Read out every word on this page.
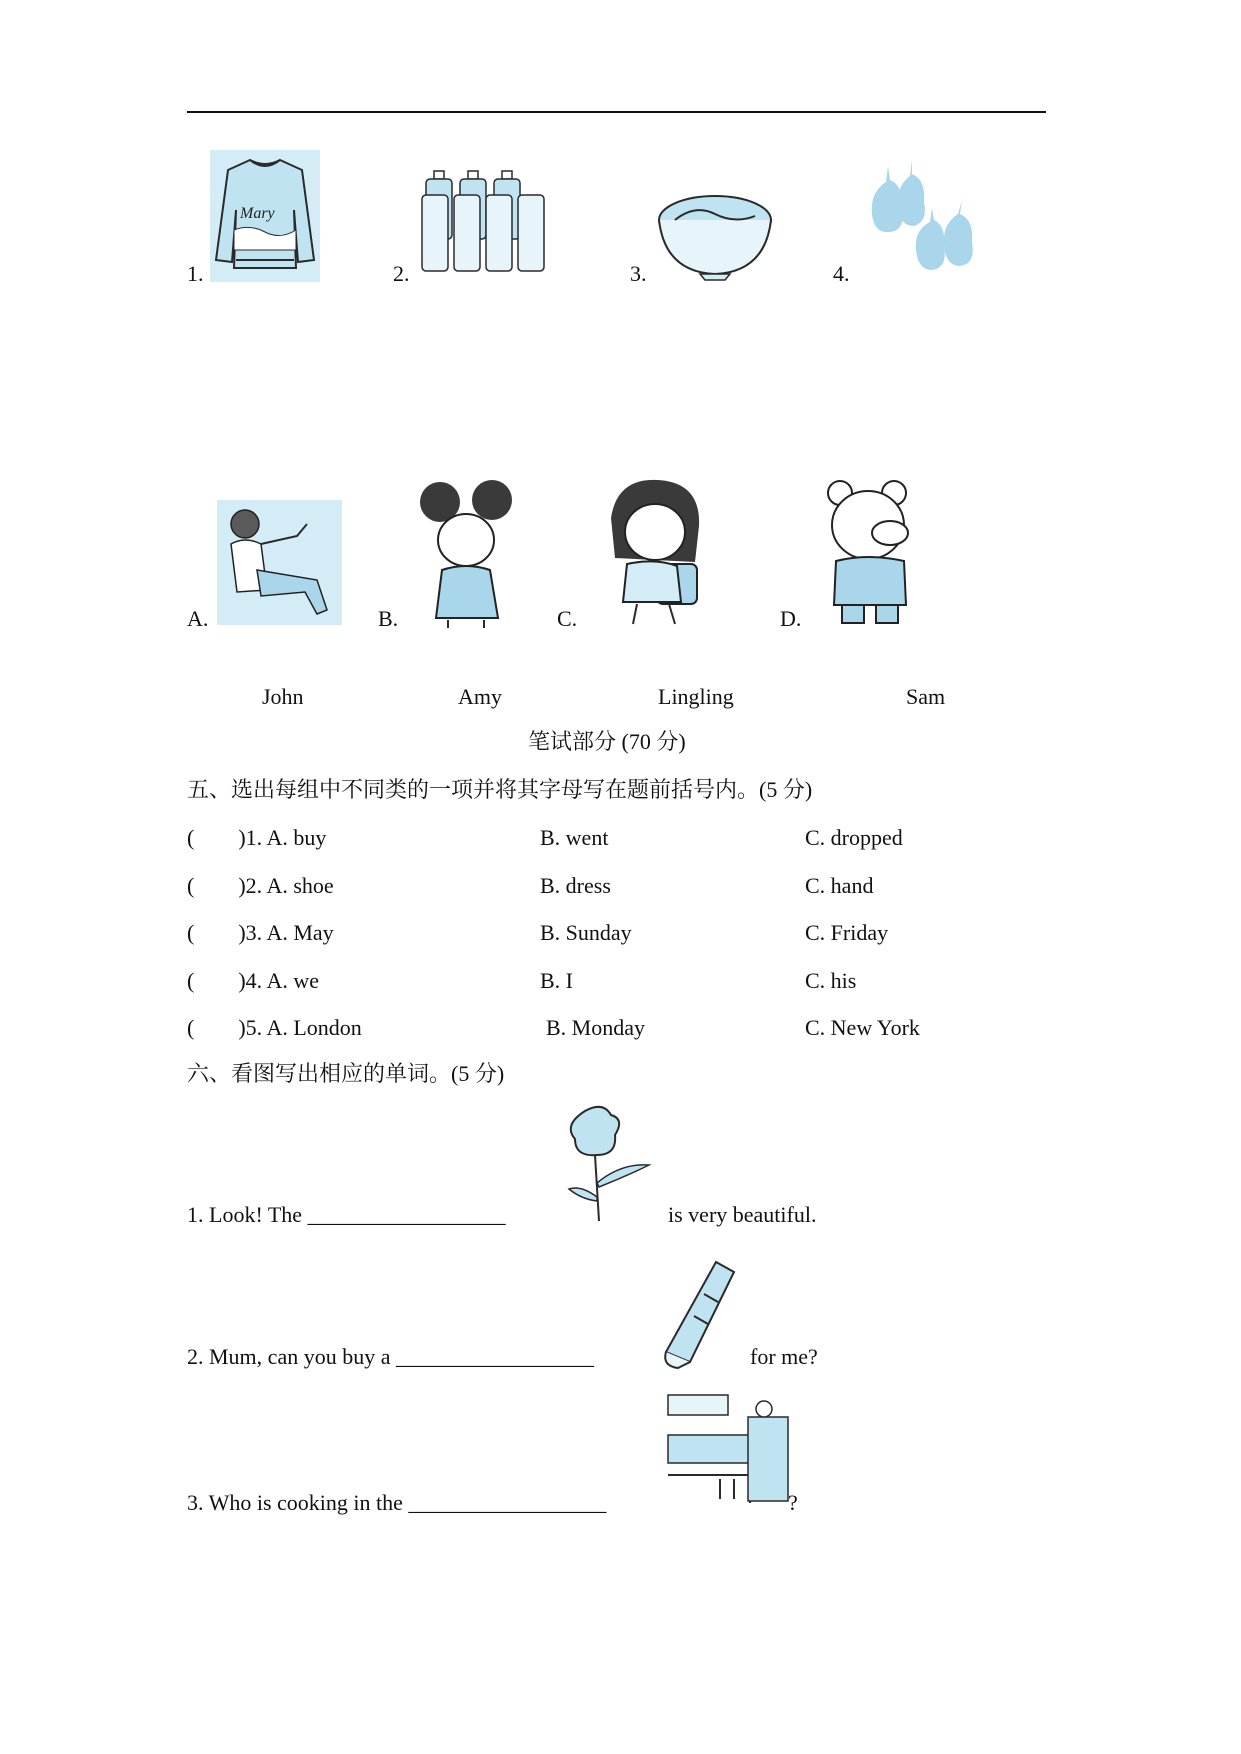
1.
Mary
2.	3.	4.
A.	B.	C.	D.
John	Amy	Lingling	Sam
笔试部分 (70 分)
五、选出每组中不同类的一项并将其字母写在题前括号内。(5 分)
(        )1. A. buy	B. went	C. dropped
(        )2. A. shoe	B. dress	C. hand
(        )3. A. May	B. Sunday	C. Friday
(        )4. A. we	B. I	C. his
(        )5. A. London	B. Monday	C. New York
六、看图写出相应的单词。(5 分)
1. Look! The __________________	is very beautiful.
2. Mum, can you buy a __________________	for me?
3. Who is cooking in the __________________	?
